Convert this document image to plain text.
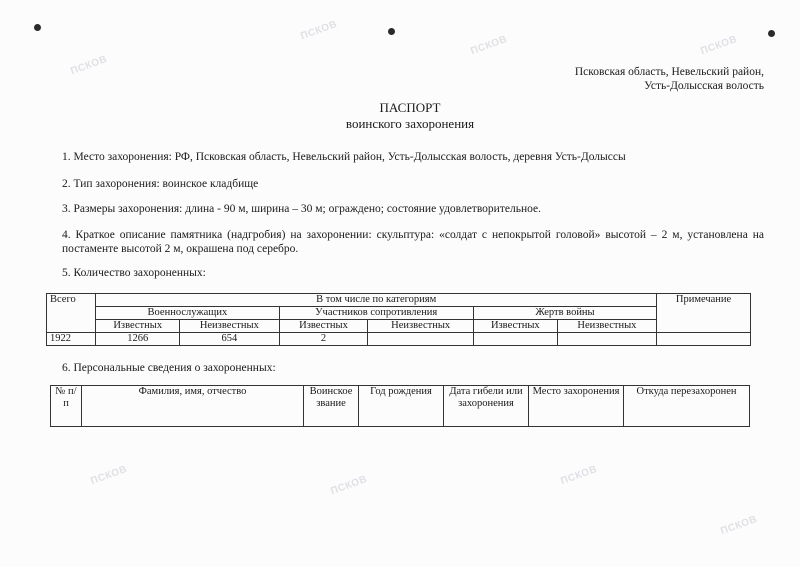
ПСКОВ
ПСКОВ
ПСКОВ	ПСКОВ
ПСКОВ	ПСКОВ	ПСКОВ
ПСКОВ
Псковская область, Невельский район,
Усть-Долысская волость
ПАСПОРТ
воинского захоронения
1. Место захоронения: РФ, Псковская область, Невельский район, Усть-Долысская волость, деревня Усть-Долыссы
2. Тип захоронения: воинское кладбище
3. Размеры захоронения: длина - 90 м, ширина – 30 м; ограждено; состояние удовлетворительное.
4. Краткое описание памятника (надгробия) на захоронении: скульптура: «солдат с непокрытой головой» высотой – 2 м, установлена на постаменте высотой 2 м, окрашена под серебро.
5. Количество захороненных:
Всего	В том числе по категориям						Примечание
	Военнослужащих		Участников сопротивления		Жертв войны		
	Известных	Неизвестных	Известных	Неизвестных	Известных	Неизвестных	
1922	1266	654	2				
6. Персональные сведения о захороненных:
№ п/п	Фамилия, имя, отчество	Воинское звание	Год рождения	Дата гибели или захоронения	Место захоронения	Откуда перезахоронен
